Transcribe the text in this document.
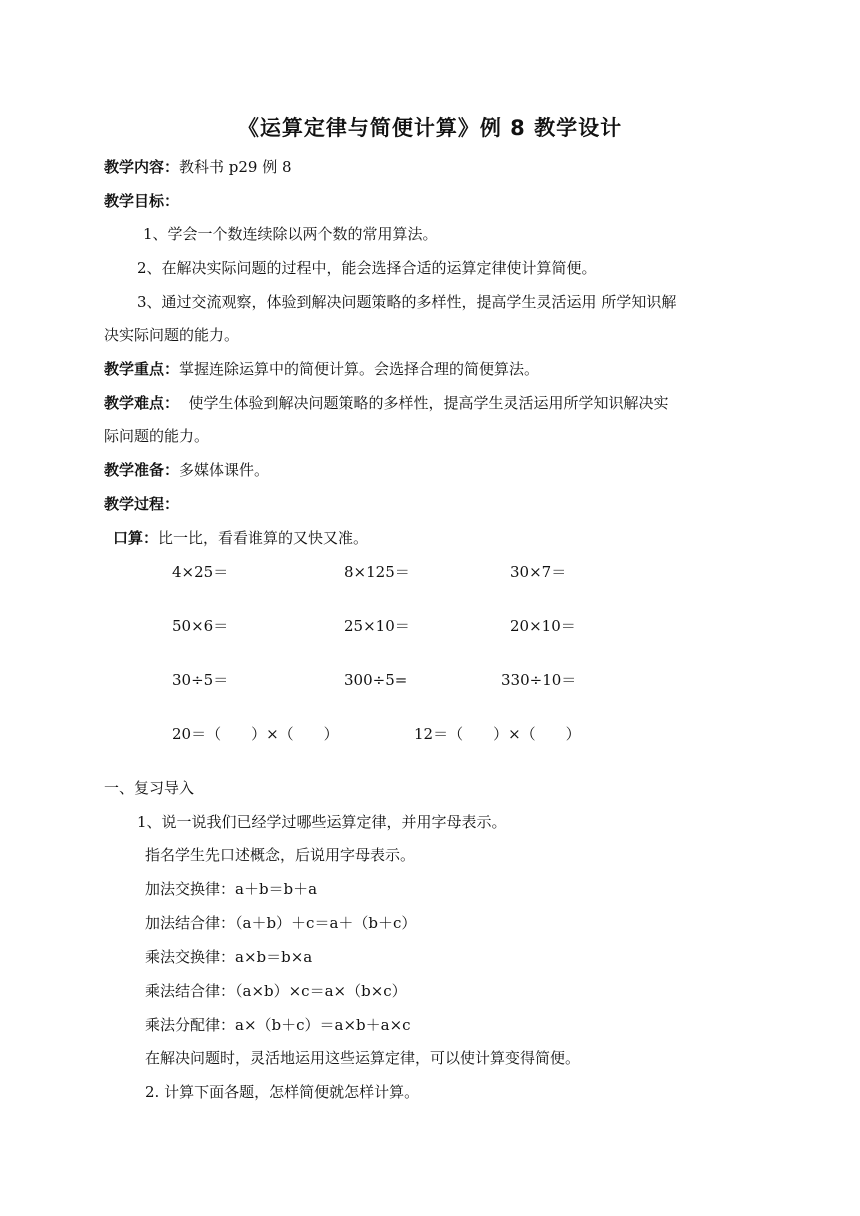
《运算定律与简便计算》例 8 教学设计
教学内容：教科书 p29 例 8
教学目标：
1、学会一个数连续除以两个数的常用算法。
2、在解决实际问题的过程中，能会选择合适的运算定律使计算简便。
3、通过交流观察，体验到解决问题策略的多样性，提高学生灵活运用 所学知识解
决实际问题的能力。
教学重点：掌握连除运算中的简便计算。会选择合理的简便算法。
教学难点：  使学生体验到解决问题策略的多样性，提高学生灵活运用所学知识解决实
际问题的能力。
教学准备：多媒体课件。
教学过程：
口算：比一比，看看谁算的又快又准。
4×25＝	8×125＝	30×7＝
50×6＝	25×10＝	20×10＝
30÷5＝	300÷5=	330÷10＝
20＝（　　）×（　　）	12＝（　　）×（　　）
一、复习导入
1、说一说我们已经学过哪些运算定律，并用字母表示。
指名学生先口述概念，后说用字母表示。
加法交换律：a＋b＝b＋a
加法结合律：（a＋b）＋c＝a＋（b＋c）
乘法交换律：a×b＝b×a
乘法结合律：（a×b）×c＝a×（b×c）
乘法分配律：a×（b＋c）＝a×b＋a×c
在解决问题时，灵活地运用这些运算定律，可以使计算变得简便。
2. 计算下面各题，怎样简便就怎样计算。
